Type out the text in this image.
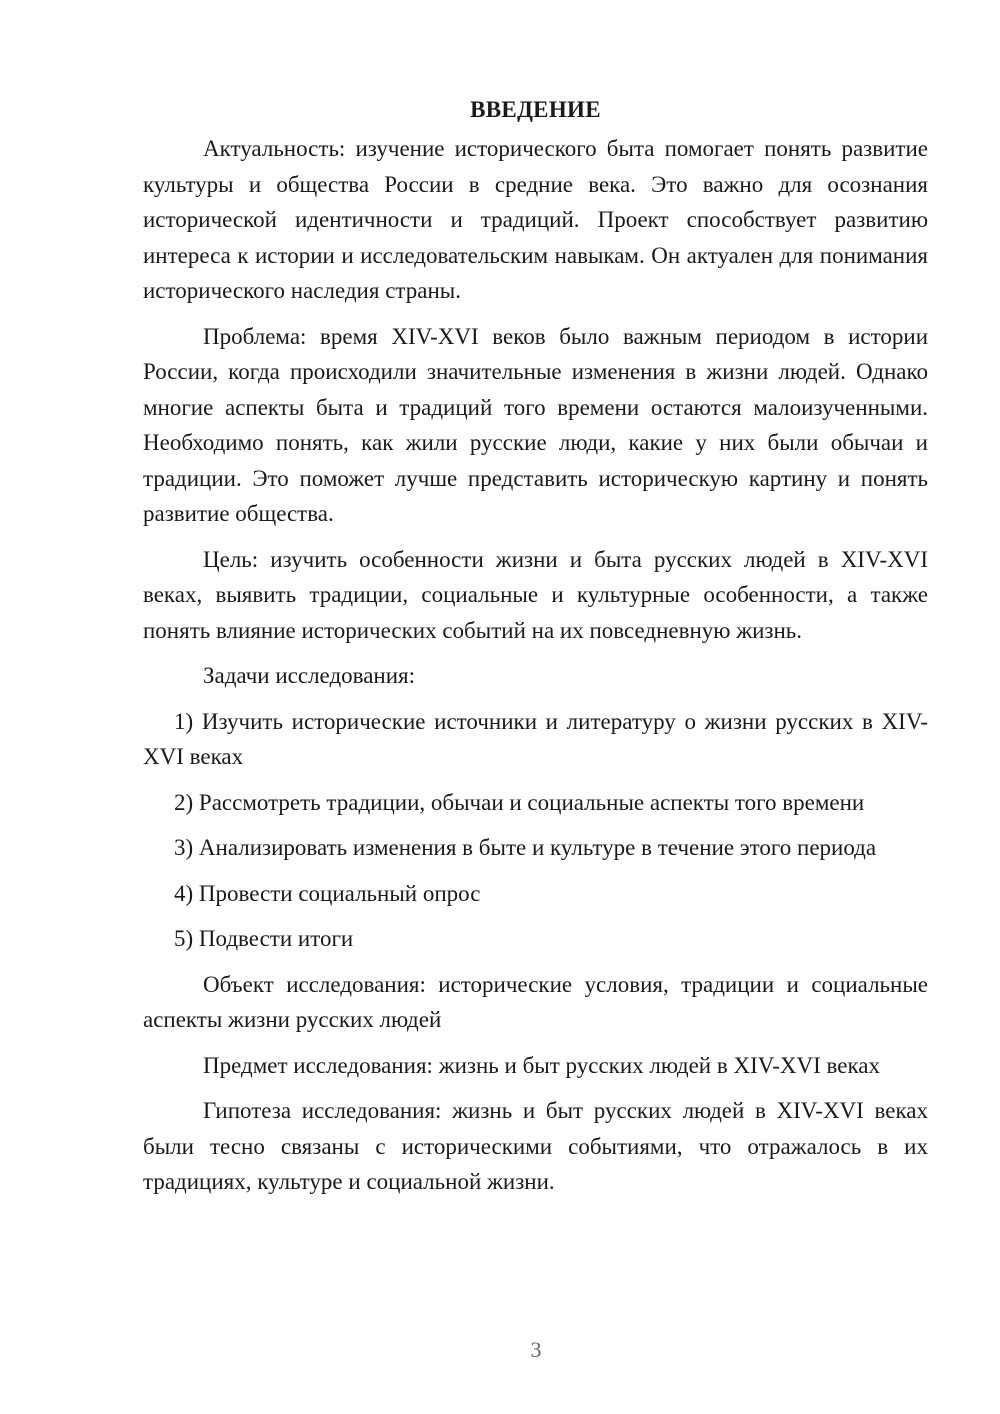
ВВЕДЕНИЕ

Актуальность: изучение исторического быта помогает понять развитие культуры и общества России в средние века. Это важно для осознания исторической идентичности и традиций. Проект способствует развитию интереса к истории и исследовательским навыкам. Он актуален для понимания исторического наследия страны.

Проблема: время XIV-XVI веков было важным периодом в истории России, когда происходили значительные изменения в жизни людей. Однако многие аспекты быта и традиций того времени остаются малоизученными. Необходимо понять, как жили русские люди, какие у них были обычаи и традиции. Это поможет лучше представить историческую картину и понять развитие общества.

Цель: изучить особенности жизни и быта русских людей в XIV-XVI веках, выявить традиции, социальные и культурные особенности, а также понять влияние исторических событий на их повседневную жизнь.

Задачи исследования:

1) Изучить исторические источники и литературу о жизни русских в XIV-XVI веках

2) Рассмотреть традиции, обычаи и социальные аспекты того времени

3) Анализировать изменения в быте и культуре в течение этого периода

4) Провести социальный опрос

5) Подвести итоги

Объект исследования: исторические условия, традиции и социальные аспекты жизни русских людей

Предмет исследования: жизнь и быт русских людей в XIV-XVI веках

Гипотеза исследования: жизнь и быт русских людей в XIV-XVI веках были тесно связаны с историческими событиями, что отражалось в их традициях, культуре и социальной жизни.

3
